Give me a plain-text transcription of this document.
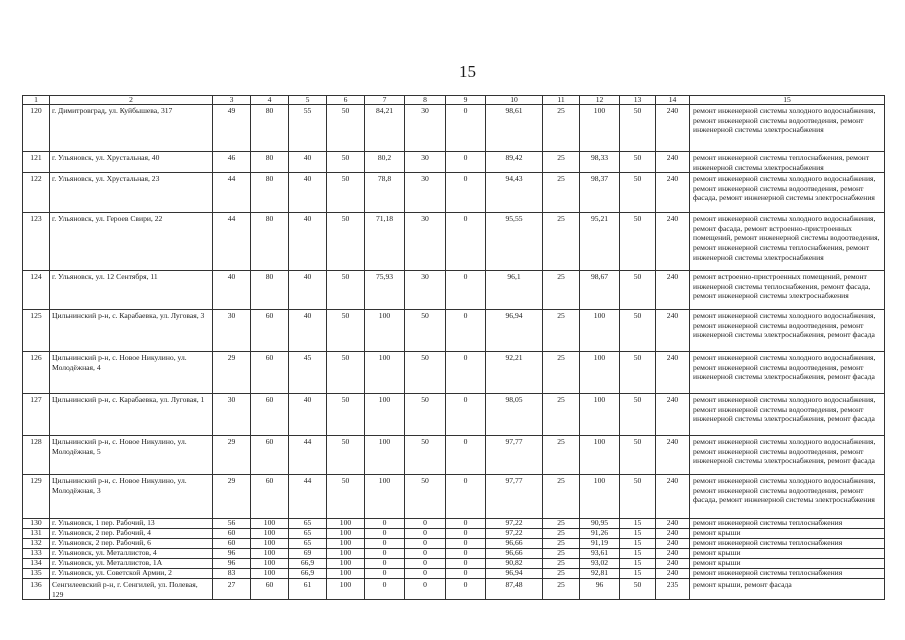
15
1	2	3	4	5	6	7	8	9	10	11	12	13	14	15
120	г. Димитровград, ул. Куйбышева, 317	49	80	55	50	84,21	30	0	98,61	25	100	50	240	ремонт инженерной системы холодного водоснабжения, ремонт инженерной системы водоотведения, ремонт инженерной системы электроснабжения
121	г. Ульяновск, ул. Хрустальная, 40	46	80	40	50	80,2	30	0	89,42	25	98,33	50	240	ремонт инженерной системы теплоснабжения, ремонт инженерной системы электроснабжения
122	г. Ульяновск, ул. Хрустальная, 23	44	80	40	50	78,8	30	0	94,43	25	98,37	50	240	ремонт инженерной системы холодного водоснабжения, ремонт инженерной системы водоотведения, ремонт фасада, ремонт инженерной системы электроснабжения
123	г. Ульяновск, ул. Героев Свири, 22	44	80	40	50	71,18	30	0	95,55	25	95,21	50	240	ремонт инженерной системы холодного водоснабжения, ремонт фасада, ремонт встроенно-пристроенных помещений, ремонт инженерной системы водоотведения, ремонт инженерной системы теплоснабжения, ремонт инженерной системы электроснабжения
124	г. Ульяновск, ул. 12 Сентября, 11	40	80	40	50	75,93	30	0	96,1	25	98,67	50	240	ремонт встроенно-пристроенных помещений, ремонт инженерной системы теплоснабжения, ремонт фасада, ремонт инженерной системы электроснабжения
125	Цильнинский р-н, с. Карабаевка, ул. Луговая, 3	30	60	40	50	100	50	0	96,94	25	100	50	240	ремонт инженерной системы холодного водоснабжения, ремонт инженерной системы водоотведения, ремонт инженерной системы электроснабжения, ремонт фасада
126	Цильнинский р-н, с. Новое Никулино, ул. Молодёжная, 4	29	60	45	50	100	50	0	92,21	25	100	50	240	ремонт инженерной системы холодного водоснабжения, ремонт инженерной системы водоотведения, ремонт инженерной системы электроснабжения, ремонт фасада
127	Цильнинский р-н, с. Карабаевка, ул. Луговая, 1	30	60	40	50	100	50	0	98,05	25	100	50	240	ремонт инженерной системы холодного водоснабжения, ремонт инженерной системы водоотведения, ремонт инженерной системы электроснабжения, ремонт фасада
128	Цильнинский р-н, с. Новое Никулино, ул. Молодёжная, 5	29	60	44	50	100	50	0	97,77	25	100	50	240	ремонт инженерной системы холодного водоснабжения, ремонт инженерной системы водоотведения, ремонт инженерной системы электроснабжения, ремонт фасада
129	Цильнинский р-н, с. Новое Никулино, ул. Молодёжная, 3	29	60	44	50	100	50	0	97,77	25	100	50	240	ремонт инженерной системы холодного водоснабжения, ремонт инженерной системы водоотведения, ремонт фасада, ремонт инженерной системы электроснабжения
130	г. Ульяновск, 1 пер. Рабочий, 13	56	100	65	100	0	0	0	97,22	25	90,95	15	240	ремонт инженерной системы теплоснабжения
131	г. Ульяновск, 2 пер. Рабочий, 4	60	100	65	100	0	0	0	97,22	25	91,26	15	240	ремонт крыши
132	г. Ульяновск, 2 пер. Рабочий, 6	60	100	65	100	0	0	0	96,66	25	91,19	15	240	ремонт инженерной системы теплоснабжения
133	г. Ульяновск, ул. Металлистов, 4	96	100	69	100	0	0	0	96,66	25	93,61	15	240	ремонт крыши
134	г. Ульяновск, ул. Металлистов, 1А	96	100	66,9	100	0	0	0	90,82	25	93,02	15	240	ремонт крыши
135	г. Ульяновск, ул. Советской Армии, 2	83	100	66,9	100	0	0	0	96,94	25	92,81	15	240	ремонт инженерной системы теплоснабжения
136	Сенгилеевский р-н, г. Сенгилей, ул. Полевая, 129	27	60	61	100	0	0	0	87,48	25	96	50	235	ремонт крыши, ремонт фасада
